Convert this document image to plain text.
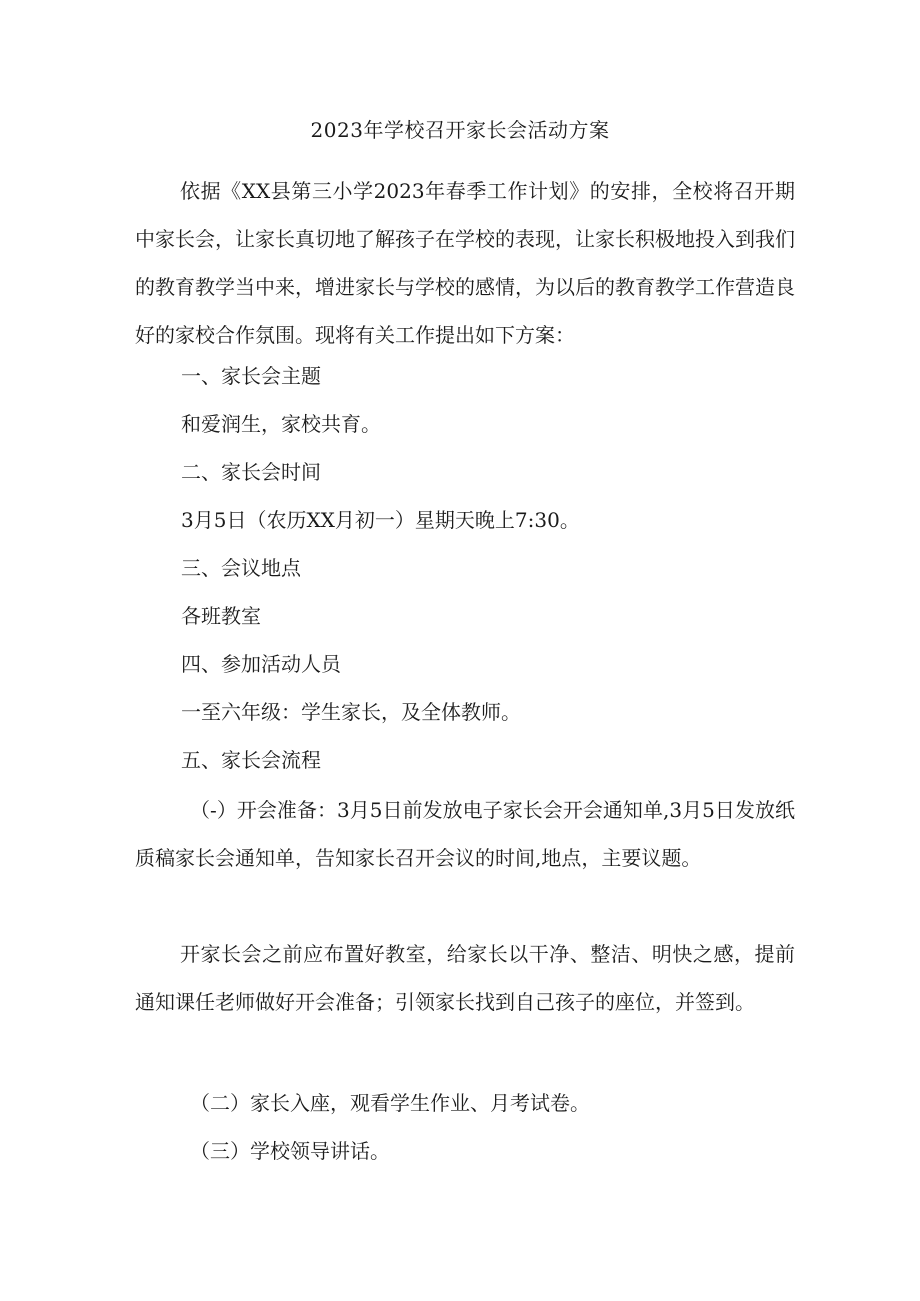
2023年学校召开家长会活动方案

依据《XX县第三小学2023年春季工作计划》的安排，全校将召开期中家长会，让家长真切地了解孩子在学校的表现，让家长积极地投入到我们的教育教学当中来，增进家长与学校的感情，为以后的教育教学工作营造良好的家校合作氛围。现将有关工作提出如下方案：

一、家长会主题

和爱润生，家校共育。

二、家长会时间

3月5日（农历XX月初一）星期天晚上7:30。

三、会议地点

各班教室

四、参加活动人员

一至六年级：学生家长，及全体教师。

五、家长会流程

（-）开会准备：3月5日前发放电子家长会开会通知单,3月5日发放纸质稿家长会通知单，告知家长召开会议的时间,地点，主要议题。

开家长会之前应布置好教室，给家长以干净、整洁、明快之感，提前通知课任老师做好开会准备；引领家长找到自己孩子的座位，并签到。

（二）家长入座，观看学生作业、月考试卷。

（三）学校领导讲话。
